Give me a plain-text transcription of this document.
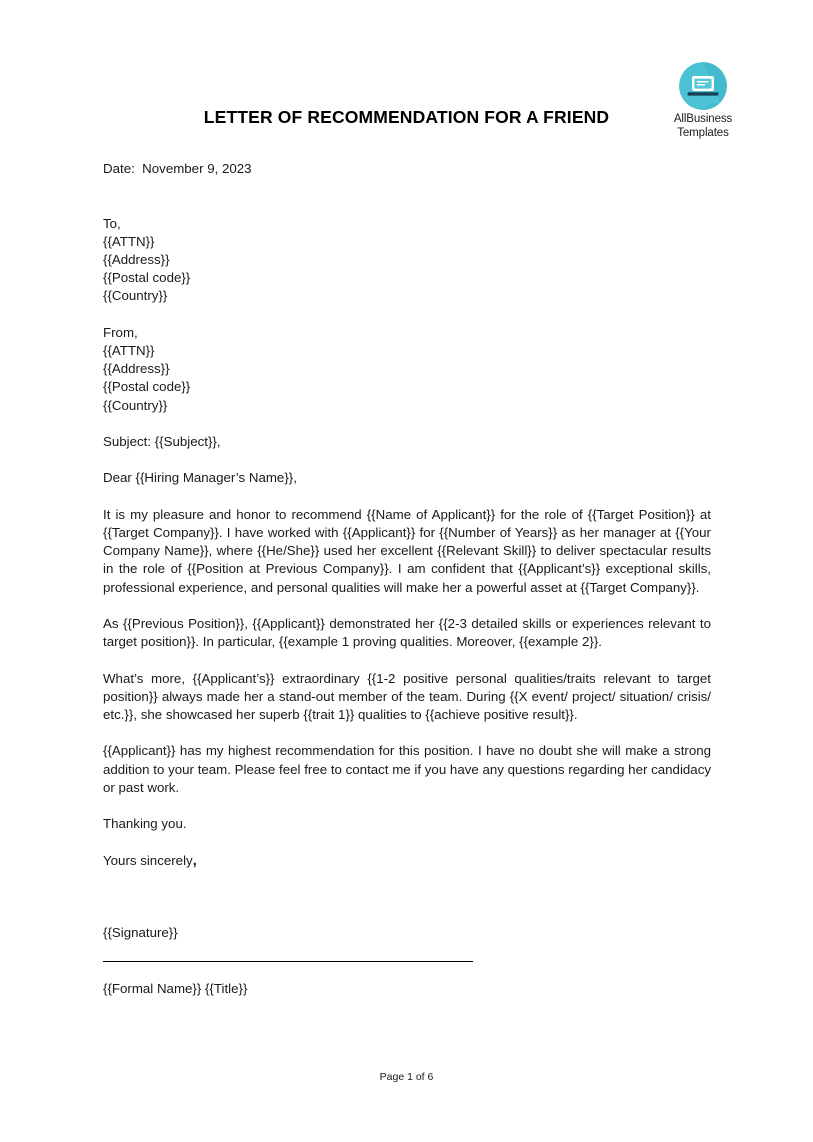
AllBusiness
Templates
LETTER OF RECOMMENDATION FOR A FRIEND
Date:  November 9, 2023
To,
{{ATTN}}
{{Address}}
{{Postal code}}
{{Country}}
From,
{{ATTN}}
{{Address}}
{{Postal code}}
{{Country}}
Subject: {{Subject}},
Dear {{Hiring Manager’s Name}},

It is my pleasure and honor to recommend {{Name of Applicant}} for the role of {{Target Position}} at {{Target Company}}. I have worked with {{Applicant}} for {{Number of Years}} as her manager at {{Your Company Name}}, where {{He/She}} used her excellent {{Relevant Skill}} to deliver spectacular results in the role of {{Position at Previous Company}}. I am confident that {{Applicant’s}} exceptional skills, professional experience, and personal qualities will make her a powerful asset at {{Target Company}}.

As {{Previous Position}}, {{Applicant}} demonstrated her {{2-3 detailed skills or experiences relevant to target position}}. In particular, {{example 1 proving qualities. Moreover, {{example 2}}.

What’s more, {{Applicant’s}} extraordinary {{1-2 positive personal qualities/traits relevant to target position}} always made her a stand-out member of the team. During {{X event/ project/ situation/ crisis/ etc.}}, she showcased her superb {{trait 1}} qualities to {{achieve positive result}}.

{{Applicant}} has my highest recommendation for this position. I have no doubt she will make a strong addition to your team. Please feel free to contact me if you have any questions regarding her candidacy or past work.

Thanking you.
Yours sincerely,
{{Signature}}
{{Formal Name}} {{Title}}
Page 1 of 6
